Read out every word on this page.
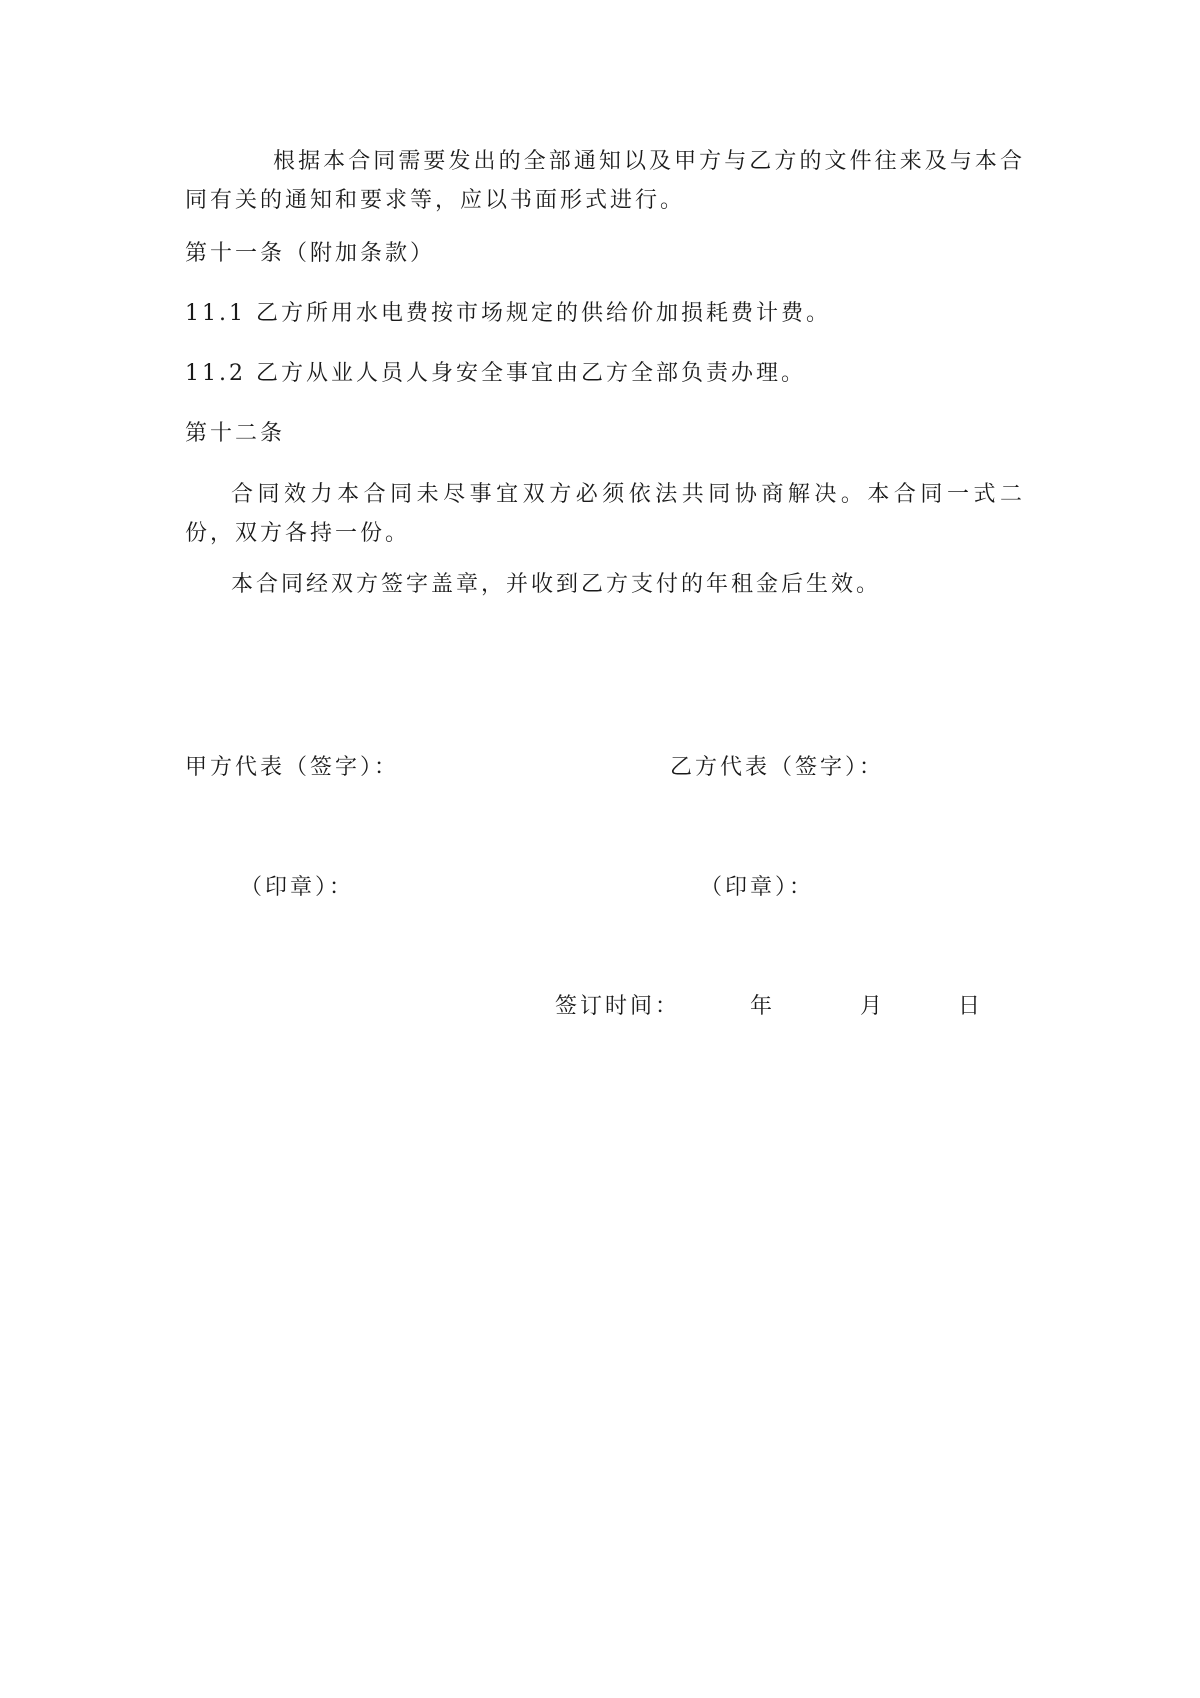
根据本合同需要发出的全部通知以及甲方与乙方的文件往来及与本合同有关的通知和要求等，应以书面形式进行。

第十一条（附加条款）

11.1 乙方所用水电费按市场规定的供给价加损耗费计费。

11.2 乙方从业人员人身安全事宜由乙方全部负责办理。

第十二条

合同效力本合同未尽事宜双方必须依法共同协商解决。本合同一式二份，双方各持一份。

本合同经双方签字盖章，并收到乙方支付的年租金后生效。

甲方代表（签字）：	乙方代表（签字）：

（印章）：	（印章）：

签订时间：	年	月	日
